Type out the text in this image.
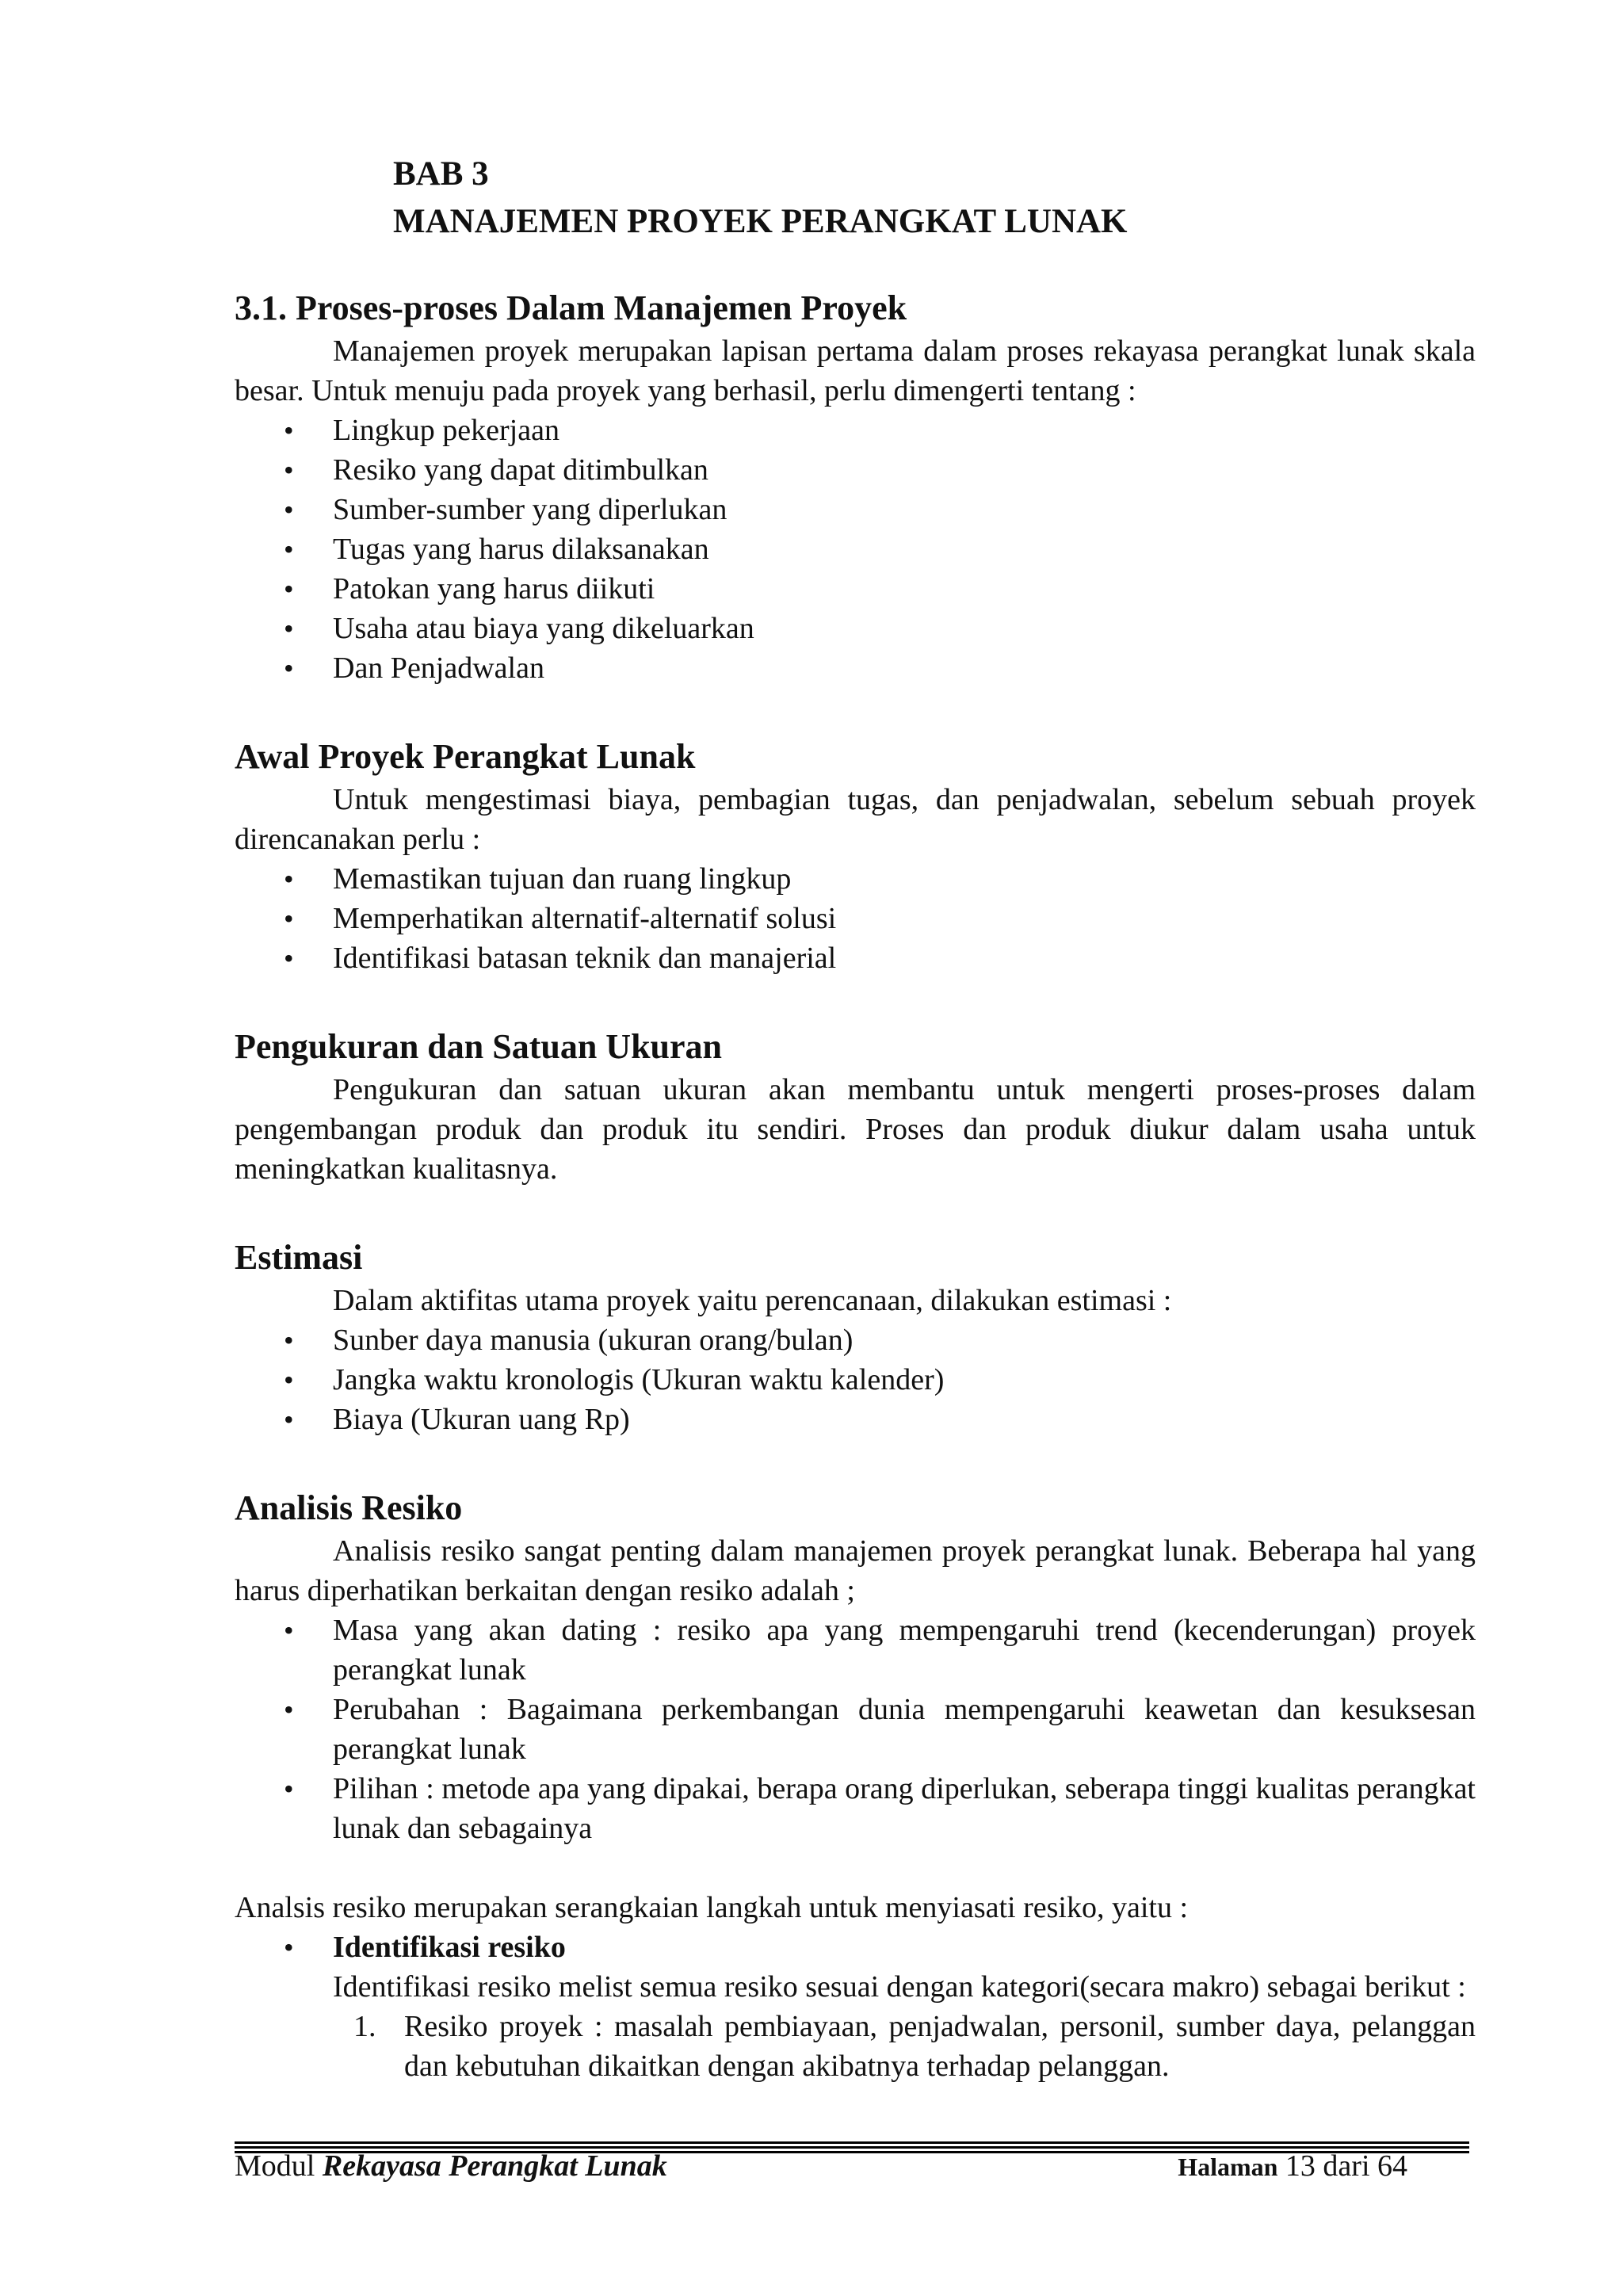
BAB 3

MANAJEMEN PROYEK PERANGKAT LUNAK

3.1. Proses-proses Dalam Manajemen Proyek

Manajemen proyek merupakan lapisan pertama dalam proses rekayasa perangkat lunak skala besar. Untuk menuju pada proyek yang berhasil, perlu dimengerti tentang :

•
Lingkup pekerjaan
•
Resiko yang dapat ditimbulkan
•
Sumber-sumber yang diperlukan
•
Tugas yang harus dilaksanakan
•
Patokan yang harus diikuti
•
Usaha atau biaya yang dikeluarkan
•
Dan Penjadwalan
Awal Proyek Perangkat Lunak

Untuk mengestimasi biaya, pembagian tugas, dan penjadwalan, sebelum sebuah proyek direncanakan perlu :

•
Memastikan tujuan dan ruang lingkup
•
Memperhatikan alternatif-alternatif solusi
•
Identifikasi batasan teknik dan manajerial
Pengukuran dan Satuan Ukuran

Pengukuran dan satuan ukuran akan membantu untuk mengerti proses-proses dalam pengembangan produk dan produk itu sendiri. Proses dan produk diukur dalam usaha untuk meningkatkan kualitasnya.

Estimasi

Dalam aktifitas utama proyek yaitu perencanaan, dilakukan estimasi :

•
Sunber daya manusia (ukuran orang/bulan)
•
Jangka waktu kronologis (Ukuran waktu kalender)
•
Biaya (Ukuran uang Rp)
Analisis Resiko

Analisis resiko sangat penting dalam manajemen proyek perangkat lunak. Beberapa hal yang harus diperhatikan berkaitan dengan resiko adalah ;

•
Masa yang akan dating : resiko apa yang mempengaruhi trend (kecenderungan) proyek perangkat lunak
•
Perubahan : Bagaimana perkembangan dunia mempengaruhi keawetan dan kesuksesan perangkat lunak
•
Pilihan : metode apa yang dipakai, berapa orang diperlukan, seberapa tinggi kualitas perangkat lunak dan sebagainya

Analsis resiko merupakan serangkaian langkah untuk menyiasati resiko, yaitu :

•
Identifikasi resiko

Identifikasi resiko melist semua resiko sesuai dengan kategori(secara makro) sebagai berikut :

1. Resiko proyek : masalah pembiayaan, penjadwalan, personil, sumber daya, pelanggan dan kebutuhan dikaitkan dengan akibatnya terhadap pelanggan.
Modul Rekayasa Perangkat Lunak	Halaman 13 dari 64
